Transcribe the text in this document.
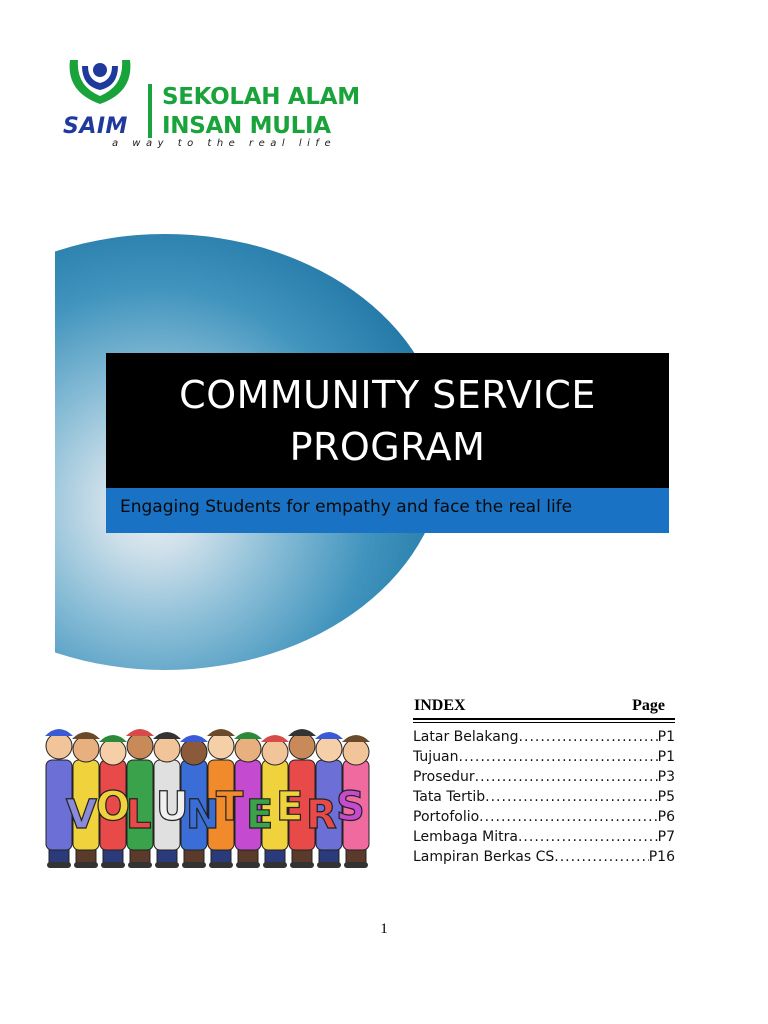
SAIM
SEKOLAH ALAM
INSAN MULIA
a way to the real life
COMMUNITY SERVICE
PROGRAM
Engaging Students for empathy and face the real life
V O
L U
N
T E E R S
INDEX	Page
Latar Belakang .....	P1
Tujuan .....	P1
Prosedur .....	P3
Tata Tertib .....	P5
Portofolio .....	P6
Lembaga Mitra .....	P7
Lampiran Berkas CS .....	P16
1
